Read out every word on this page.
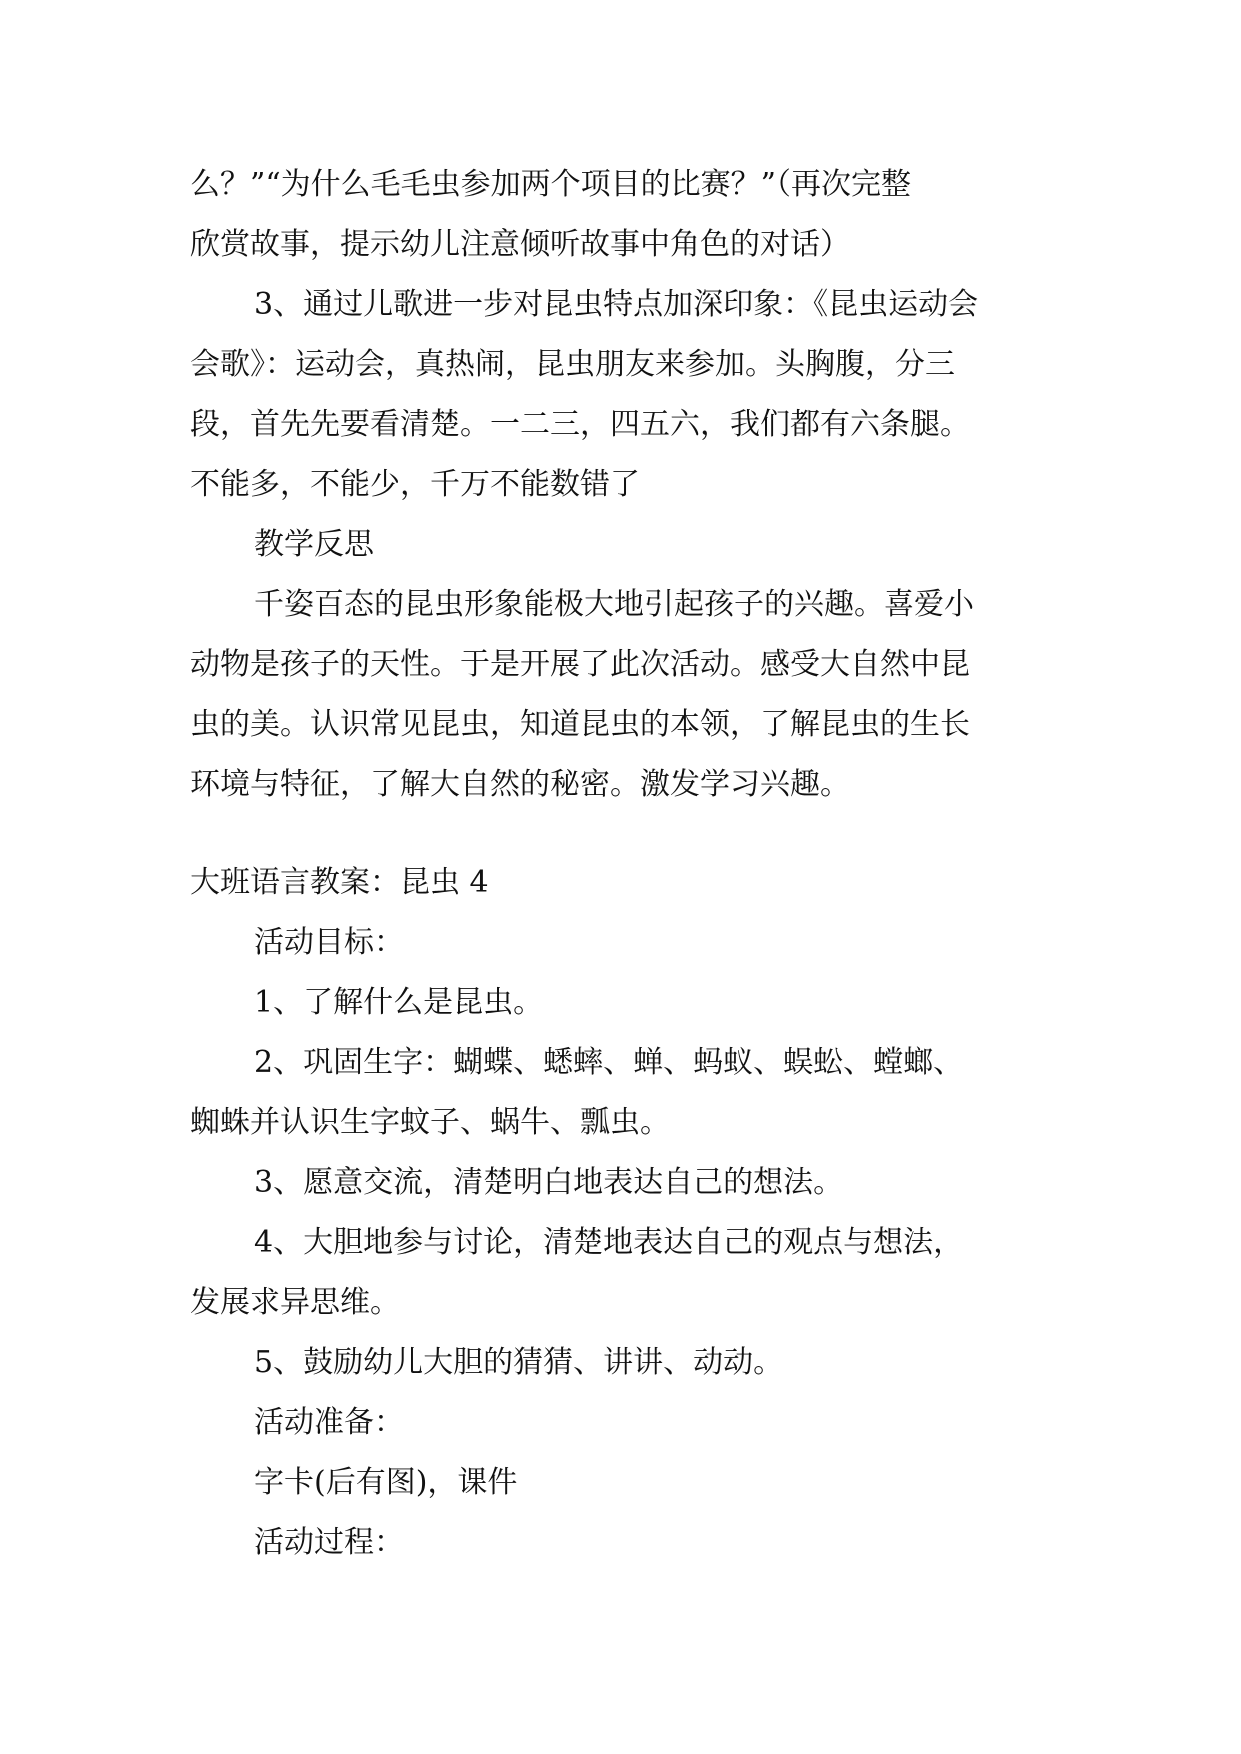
么？”“为什么毛毛虫参加两个项目的比赛？”（再次完整
欣赏故事，提示幼儿注意倾听故事中角色的对话）
3、通过儿歌进一步对昆虫特点加深印象：《昆虫运动会
会歌》：运动会，真热闹，昆虫朋友来参加。头胸腹，分三
段，首先先要看清楚。一二三，四五六，我们都有六条腿。
不能多，不能少，千万不能数错了
教学反思
千姿百态的昆虫形象能极大地引起孩子的兴趣。喜爱小
动物是孩子的天性。于是开展了此次活动。感受大自然中昆
虫的美。认识常见昆虫，知道昆虫的本领，了解昆虫的生长
环境与特征，了解大自然的秘密。激发学习兴趣。
大班语言教案：昆虫 4
活动目标：
1、了解什么是昆虫。
2、巩固生字：蝴蝶、蟋蟀、蝉、蚂蚁、蜈蚣、螳螂、
蜘蛛并认识生字蚊子、蜗牛、瓢虫。
3、愿意交流，清楚明白地表达自己的想法。
4、大胆地参与讨论，清楚地表达自己的观点与想法，
发展求异思维。
5、鼓励幼儿大胆的猜猜、讲讲、动动。
活动准备：
字卡(后有图)，课件
活动过程：
